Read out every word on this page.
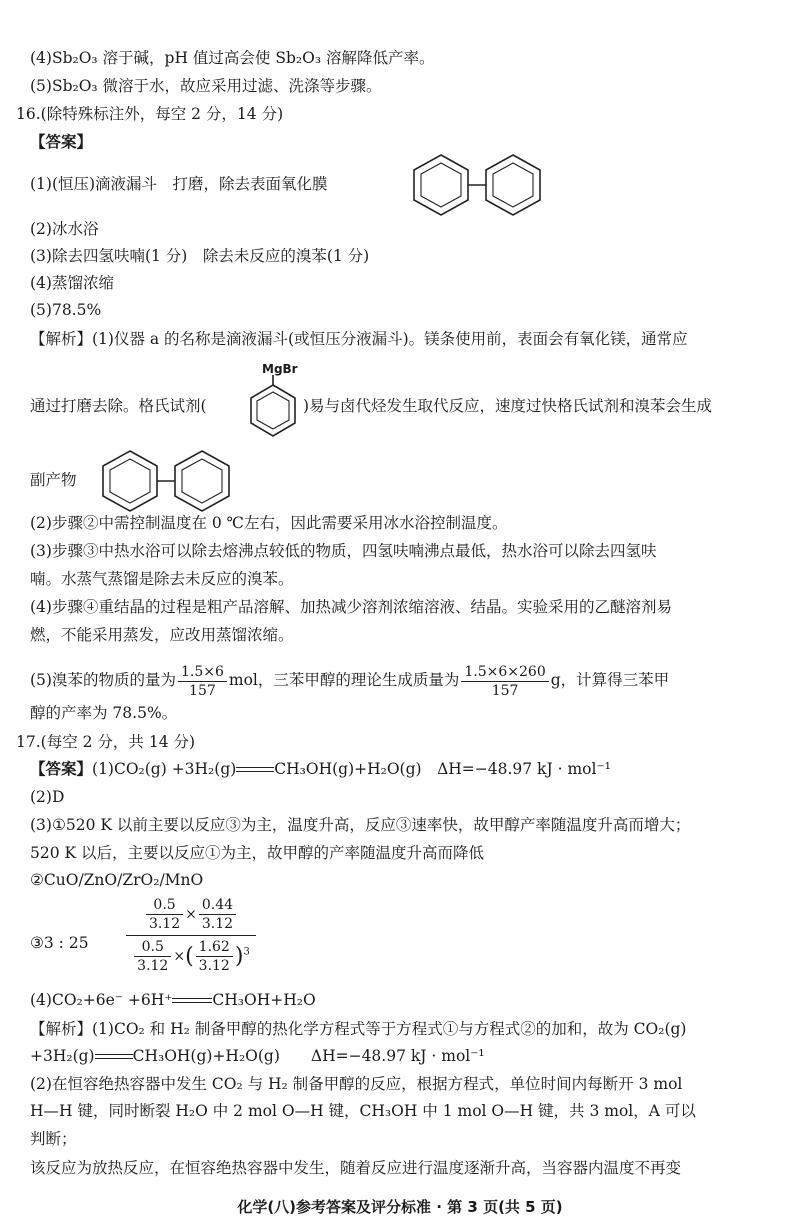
(4)Sb₂O₃ 溶于碱，pH 值过高会使 Sb₂O₃ 溶解降低产率。
(5)Sb₂O₃ 微溶于水，故应采用过滤、洗涤等步骤。
16.(除特殊标注外，每空 2 分，14 分)
【答案】
(1)(恒压)滴液漏斗　打磨，除去表面氧化膜
(2)冰水浴
(3)除去四氢呋喃(1 分)　除去未反应的溴苯(1 分)
(4)蒸馏浓缩
(5)78.5%
【解析】(1)仪器 a 的名称是滴液漏斗(或恒压分液漏斗)。镁条使用前，表面会有氧化镁，通常应
MgBr
通过打磨去除。格氏试剂(	)易与卤代烃发生取代反应，速度过快格氏试剂和溴苯会生成
副产物
(2)步骤②中需控制温度在 0 ℃左右，因此需要采用冰水浴控制温度。
(3)步骤③中热水浴可以除去熔沸点较低的物质，四氢呋喃沸点最低，热水浴可以除去四氢呋
喃。水蒸气蒸馏是除去未反应的溴苯。
(4)步骤④重结晶的过程是粗产品溶解、加热减少溶剂浓缩溶液、结晶。实验采用的乙醚溶剂易
燃，不能采用蒸发，应改用蒸馏浓缩。
(5)溴苯的物质的量为 $\frac{1.5\times 6}{157}$ mol，三苯甲醇的理论生成质量为 $\frac{1.5\times 6\times 260}{157}$ g，计算得三苯甲
醇的产率为 78.5%。
17.(每空 2 分，共 14 分)
【答案】(1)CO₂(g) +3H₂(g) CH₃OH(g)+H₂O(g)　ΔH=−48.97 kJ · mol⁻¹
(2)D
(3)①520 K 以前主要以反应③为主，温度升高，反应③速率快，故甲醇产率随温度升高而增大；
520 K 以后，主要以反应①为主，故甲醇的产率随温度升高而降低
②CuO/ZnO/ZrO₂/MnO
③3 : 25	$\frac{\frac{0.5}{3.12} \times \frac{0.44}{3.12}}{\frac{0.5}{3.12} \times( \frac{1.62}{3.12} )^3}$
(4)CO₂+6e⁻ +6H⁺	CH₃OH+H₂O
【解析】(1)CO₂ 和 H₂ 制备甲醇的热化学方程式等于方程式①与方程式②的加和，故为 CO₂(g)
+3H₂(g) CH₃OH(g)+H₂O(g)　　ΔH=−48.97 kJ · mol⁻¹
(2)在恒容绝热容器中发生 CO₂ 与 H₂ 制备甲醇的反应，根据方程式，单位时间内每断开 3 mol
H—H 键，同时断裂 H₂O 中 2 mol O—H 键，CH₃OH 中 1 mol O—H 键，共 3 mol，A 可以
判断；
该反应为放热反应，在恒容绝热容器中发生，随着反应进行温度逐渐升高，当容器内温度不再变
化学(八)参考答案及评分标准 · 第 3 页(共 5 页)
